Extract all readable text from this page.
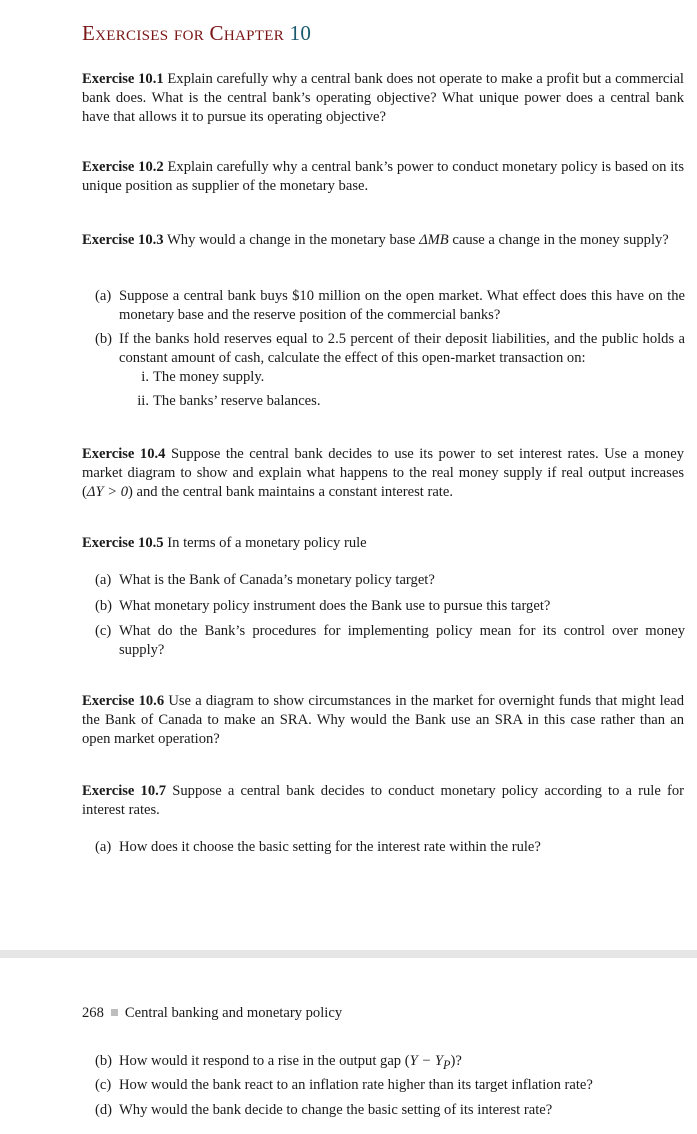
Exercises for Chapter 10

Exercise 10.1 Explain carefully why a central bank does not operate to make a profit but a commercial bank does. What is the central bank’s operating objective? What unique power does a central bank have that allows it to pursue its operating objective?

Exercise 10.2 Explain carefully why a central bank’s power to conduct monetary policy is based on its unique position as supplier of the monetary base.

Exercise 10.3 Why would a change in the monetary base ΔMB cause a change in the money supply?

(a) Suppose a central bank buys $10 million on the open market. What effect does this have on the monetary base and the reserve position of the commercial banks?
(b) If the banks hold reserves equal to 2.5 percent of their deposit liabilities, and the public holds a constant amount of cash, calculate the effect of this open-market transaction on:
i. The money supply.
ii. The banks’ reserve balances.

Exercise 10.4 Suppose the central bank decides to use its power to set interest rates. Use a money market diagram to show and explain what happens to the real money supply if real output increases (ΔY > 0) and the central bank maintains a constant interest rate.

Exercise 10.5 In terms of a monetary policy rule

(a) What is the Bank of Canada’s monetary policy target?
(b) What monetary policy instrument does the Bank use to pursue this target?
(c) What do the Bank’s procedures for implementing policy mean for its control over money supply?

Exercise 10.6 Use a diagram to show circumstances in the market for overnight funds that might lead the Bank of Canada to make an SRA. Why would the Bank use an SRA in this case rather than an open market operation?

Exercise 10.7 Suppose a central bank decides to conduct monetary policy according to a rule for interest rates.

(a) How does it choose the basic setting for the interest rate within the rule?
268 Central banking and monetary policy
(b) How would it respond to a rise in the output gap $(Y - Y_P)$?
(c) How would the bank react to an inflation rate higher than its target inflation rate?
(d) Why would the bank decide to change the basic setting of its interest rate?
